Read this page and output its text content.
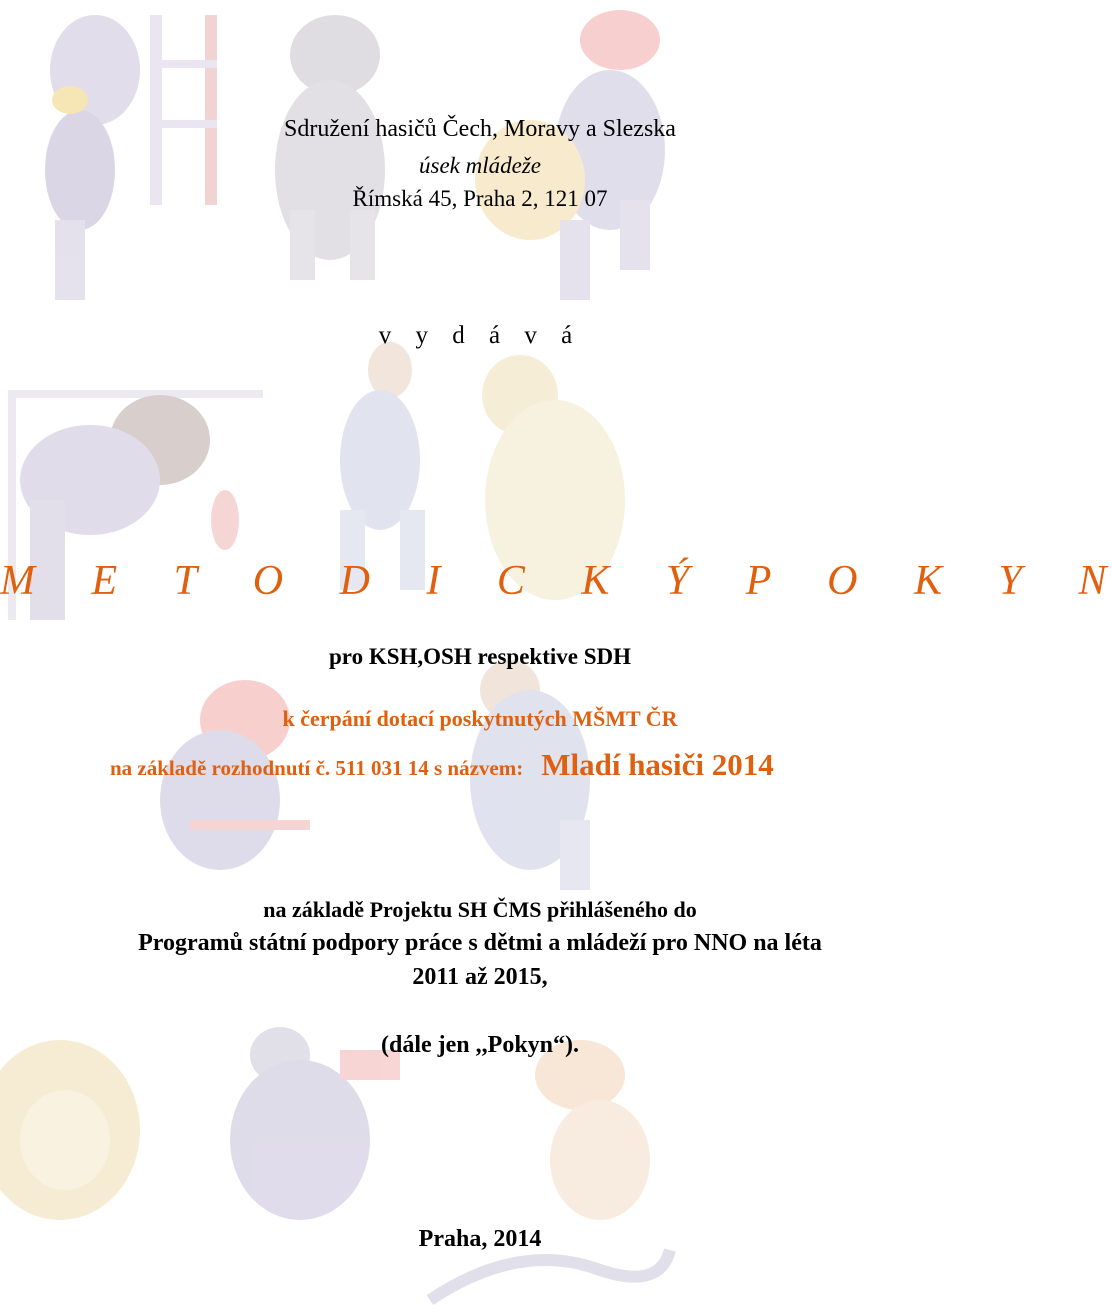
Sdružení hasičů Čech, Moravy a Slezska

úsek mládeže

Římská 45, Praha 2, 121 07

v y d á v á

M E T O D I C K Ý P O K Y N

pro KSH,OSH respektive SDH

k čerpání dotací poskytnutých MŠMT ČR

na základě rozhodnutí č. 511 031 14 s názvem: Mladí hasiči 2014

na základě Projektu SH ČMS přihlášeného do

Programů státní podpory práce s dětmi a mládeží pro NNO na léta

2011 až 2015,

(dále jen ,,Pokyn“).

Praha, 2014
